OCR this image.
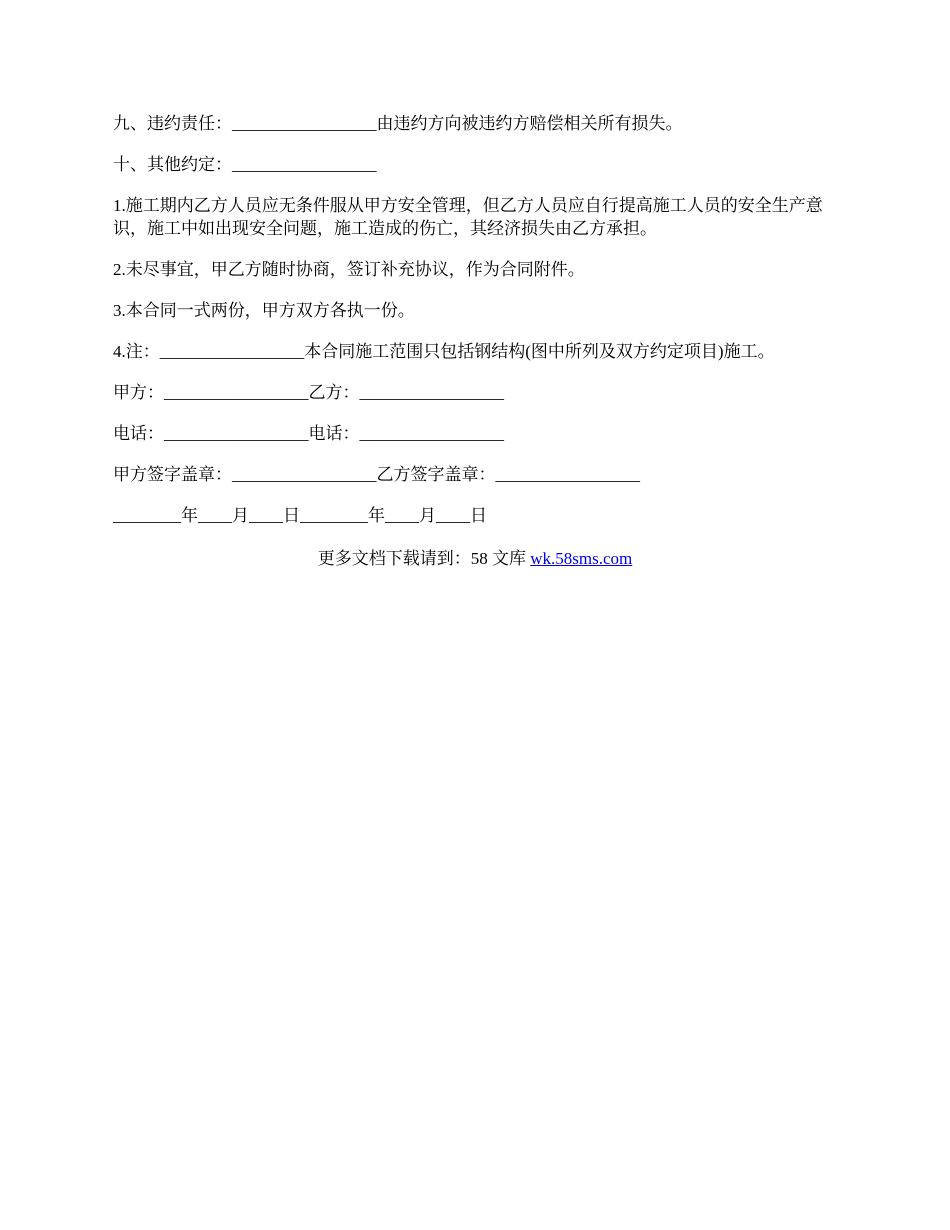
九、违约责任：_________________由违约方向被违约方赔偿相关所有损失。

十、其他约定：_________________

1.施工期内乙方人员应无条件服从甲方安全管理，但乙方人员应自行提高施工人员的安全生产意识，施工中如出现安全问题，施工造成的伤亡，其经济损失由乙方承担。

2.未尽事宜，甲乙方随时协商，签订补充协议，作为合同附件。

3.本合同一式两份，甲方双方各执一份。

4.注：_________________本合同施工范围只包括钢结构(图中所列及双方约定项目)施工。

甲方：_________________乙方：_________________

电话：_________________电话：_________________

甲方签字盖章：_________________乙方签字盖章：_________________

________年____月____日________年____月____日

更多文档下载请到：58 文库 wk.58sms.com
